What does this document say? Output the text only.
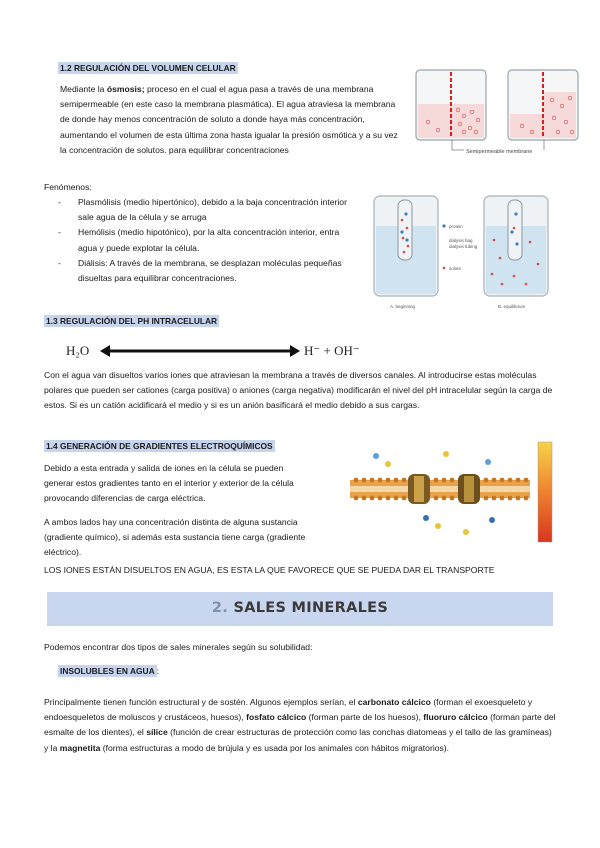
1.2 REGULACIÓN DEL VOLUMEN CELULAR
Mediante la ósmosis; proceso en el cual el agua pasa a través de una membrana semipermeable (en este caso la membrana plasmática). El agua atraviesa la membrana de donde hay menos concentración de soluto a donde haya más concentración, aumentando el volumen de esta última zona hasta igualar la presión osmótica y a su vez la concentración de solutos. para equilibrar concentraciones	Semipermeable membrane
Fenómenos:
- Plasmólisis (medio hipertónico), debido a la baja concentración interior sale agua de la célula y se arruga
- Hemólisis (medio hipotónico), por la alta concentración interior, entra agua y puede explotar la célula.
- Diálisis: A través de la membrana, se desplazan moléculas pequeñas disueltas para equilibrar concentraciones.
protein
dialysis bag
dialysis tubing
solute
A. beginning	B. equilibrium
1.3 REGULACIÓN DEL PH INTRACELULAR
H₂O	H⁻ + OH⁻
Con el agua van disueltos varios iones que atraviesan la membrana a través de diversos canales. Al introducirse estas moléculas polares que pueden ser cationes (carga positiva) o aniones (carga negativa) modificarán el nivel del pH intracelular según la carga de estos. Si es un catión acidificará el medio y si es un anión basificará el medio debido a sus cargas.
1.4 GENERACIÓN DE GRADIENTES ELECTROQUÍMICOS
Debido a esta entrada y salida de iones en la célula se pueden generar estos gradientes tanto en el interior y exterior de la célula provocando diferencias de carga eléctrica.
A ambos lados hay una concentración distinta de alguna sustancia (gradiente químico), si además esta sustancia tiene carga (gradiente eléctrico).
LOS IONES ESTÁN DISUELTOS EN AGUA, ES ESTA LA QUE FAVORECE QUE SE PUEDA DAR EL TRANSPORTE
2. SALES MINERALES
Podemos encontrar dos tipos de sales minerales según su solubilidad:
INSOLUBLES EN AGUA :
Principalmente tienen función estructural y de sostén. Algunos ejemplos serían, el carbonato cálcico (forman el exoesqueleto y endoesqueletos de moluscos y crustáceos, huesos), fosfato cálcico (forman parte de los huesos), fluoruro cálcico (forman parte del esmalte de los dientes), el sílice (función de crear estructuras de protección como las conchas diatomeas y el tallo de las gramíneas) y la magnetita (forma estructuras a modo de brújula y es usada por los animales con hábitos migratorios).
